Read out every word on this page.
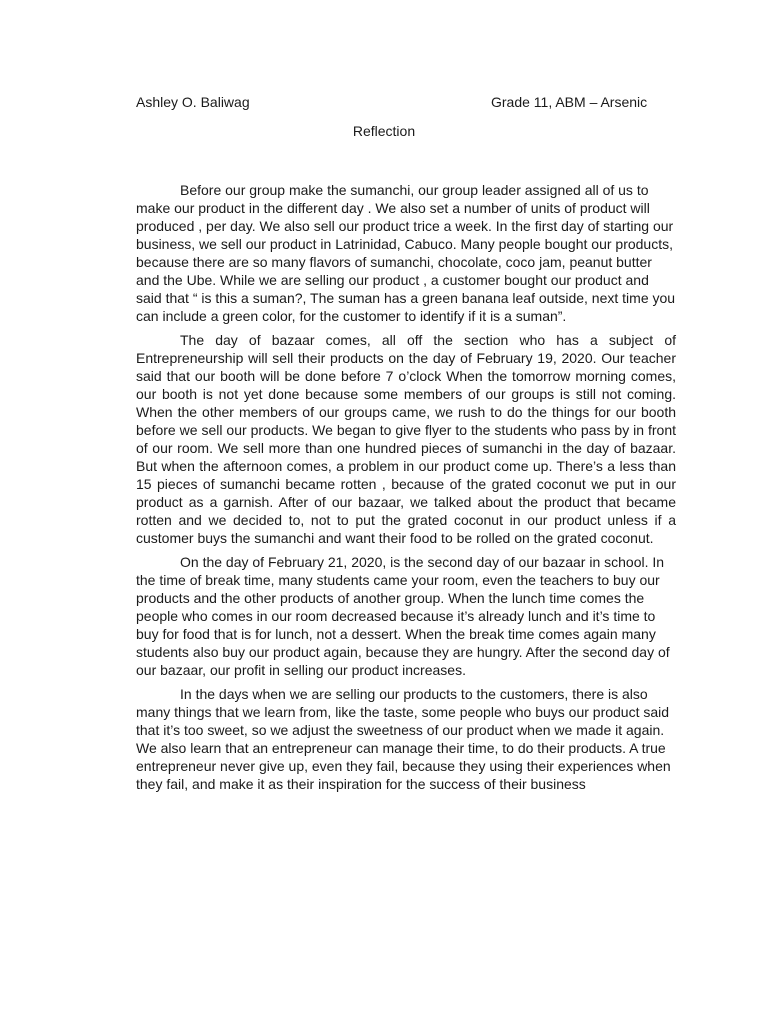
Ashley O. Baliwag	Grade 11, ABM – Arsenic
Reflection

Before our group make the sumanchi, our group leader assigned all of us to make our product in the different day . We also set a number of units of product will produced , per day. We also sell our product trice a week. In the first day of starting our business, we sell our product in Latrinidad, Cabuco. Many people bought our products, because there are so many flavors of sumanchi, chocolate, coco jam, peanut butter and the Ube. While we are selling our product , a customer bought our product and said that “ is this a suman?, The suman has a green banana leaf outside, next time you can include a green color, for the customer to identify if it is a suman”.

The day of bazaar comes, all off the section who has a subject of Entrepreneurship will sell their products on the day of February 19, 2020. Our teacher said that our booth will be done before 7 o’clock When the tomorrow morning comes, our booth is not yet done because some members of our groups is still not coming. When the other members of our groups came, we rush to do the things for our booth before we sell our products. We began to give flyer to the students who pass by in front of our room. We sell more than one hundred pieces of sumanchi in the day of bazaar. But when the afternoon comes, a problem in our product come up. There’s a less than 15 pieces of sumanchi became rotten , because of the grated coconut we put in our product as a garnish. After of our bazaar, we talked about the product that became rotten and we decided to, not to put the grated coconut in our product unless if a customer buys the sumanchi and want their food to be rolled on the grated coconut.

On the day of February 21, 2020, is the second day of our bazaar in school. In the time of break time, many students came your room, even the teachers to buy our products and the other products of another group. When the lunch time comes the people who comes in our room decreased because it’s already lunch and it’s time to buy for food that is for lunch, not a dessert. When the break time comes again many students also buy our product again, because they are hungry. After the second day of our bazaar, our profit in selling our product increases.

In the days when we are selling our products to the customers, there is also many things that we learn from, like the taste, some people who buys our product said that it’s too sweet, so we adjust the sweetness of our product when we made it again. We also learn that an entrepreneur can manage their time, to do their products. A true entrepreneur never give up, even they fail, because they using their experiences when they fail, and make it as their inspiration for the success of their business
